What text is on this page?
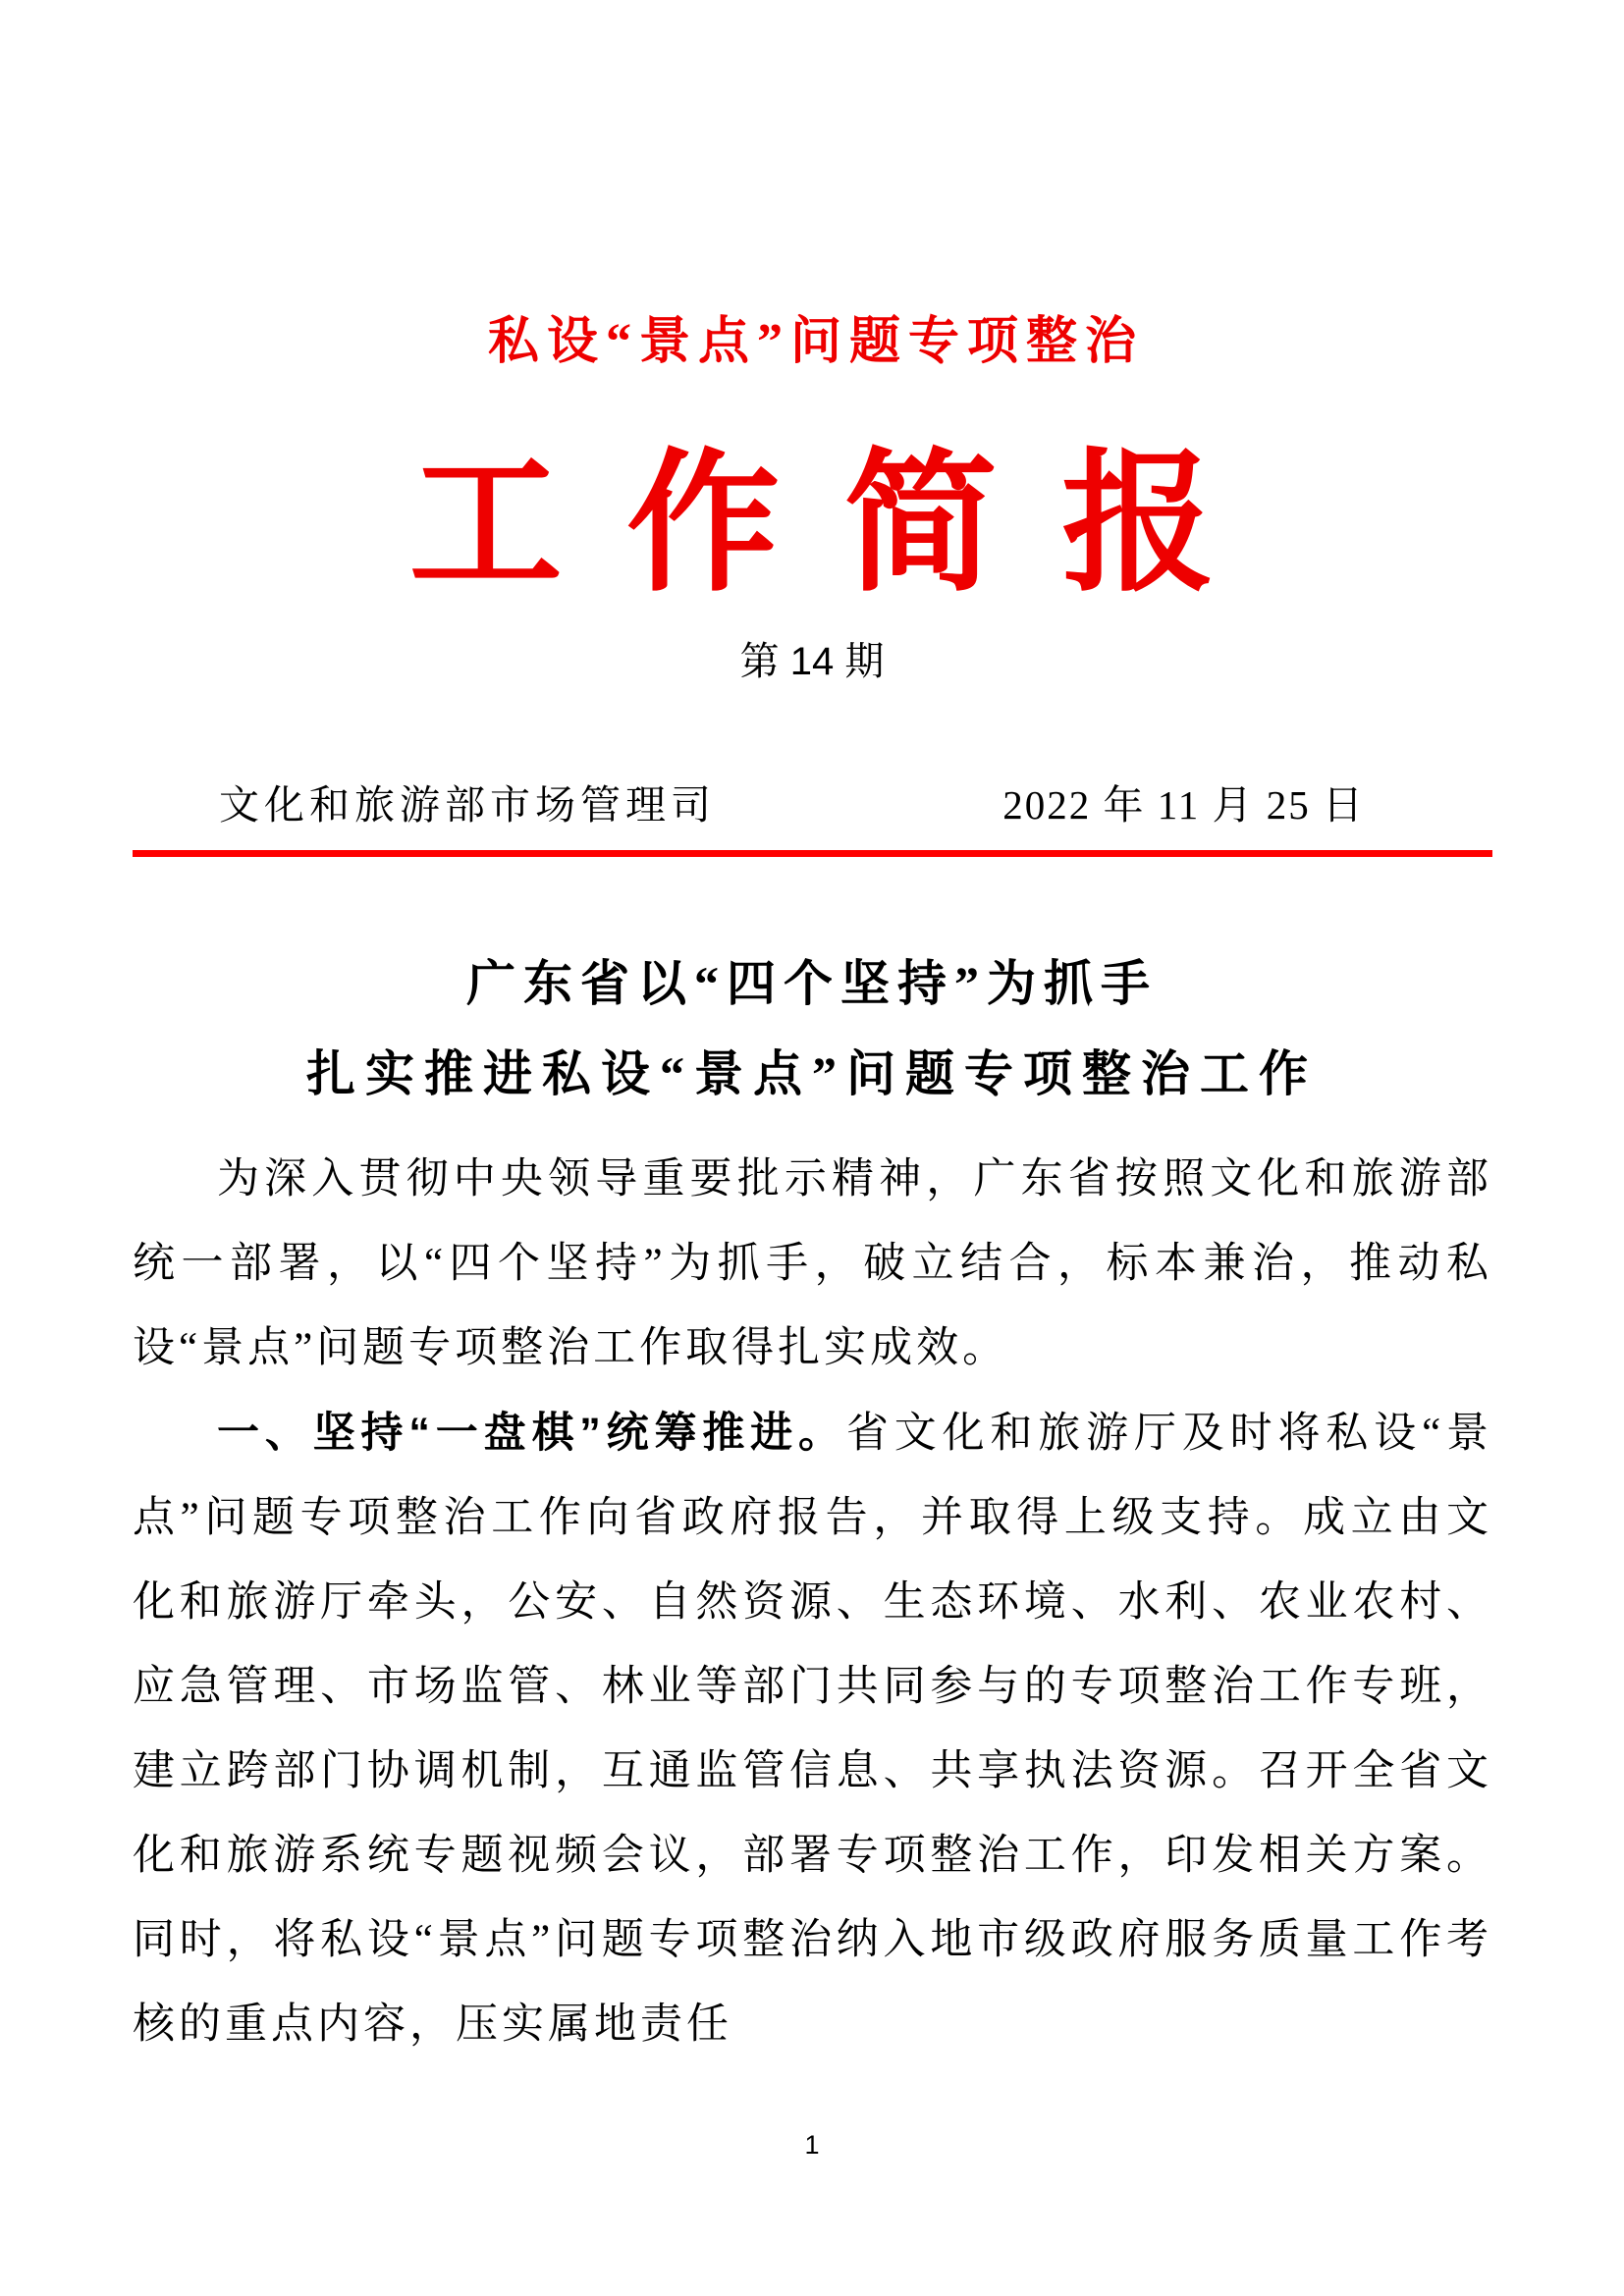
私设“景点”问题专项整治
工作简报
第 14 期
文化和旅游部市场管理司	2022 年 11 月 25 日
广东省以“四个坚持”为抓手
扎实推进私设“景点”问题专项整治工作

为深入贯彻中央领导重要批示精神，广东省按照文化和旅游部统一部署，以“四个坚持”为抓手，破立结合，标本兼治，推动私设“景点”问题专项整治工作取得扎实成效。

一、坚持“一盘棋”统筹推进。省文化和旅游厅及时将私设“景点”问题专项整治工作向省政府报告，并取得上级支持。成立由文化和旅游厅牵头，公安、自然资源、生态环境、水利、农业农村、应急管理、市场监管、林业等部门共同参与的专项整治工作专班，建立跨部门协调机制，互通监管信息、共享执法资源。召开全省文化和旅游系统专题视频会议，部署专项整治工作，印发相关方案。同时，将私设“景点”问题专项整治纳入地市级政府服务质量工作考核的重点内容，压实属地责任

1
